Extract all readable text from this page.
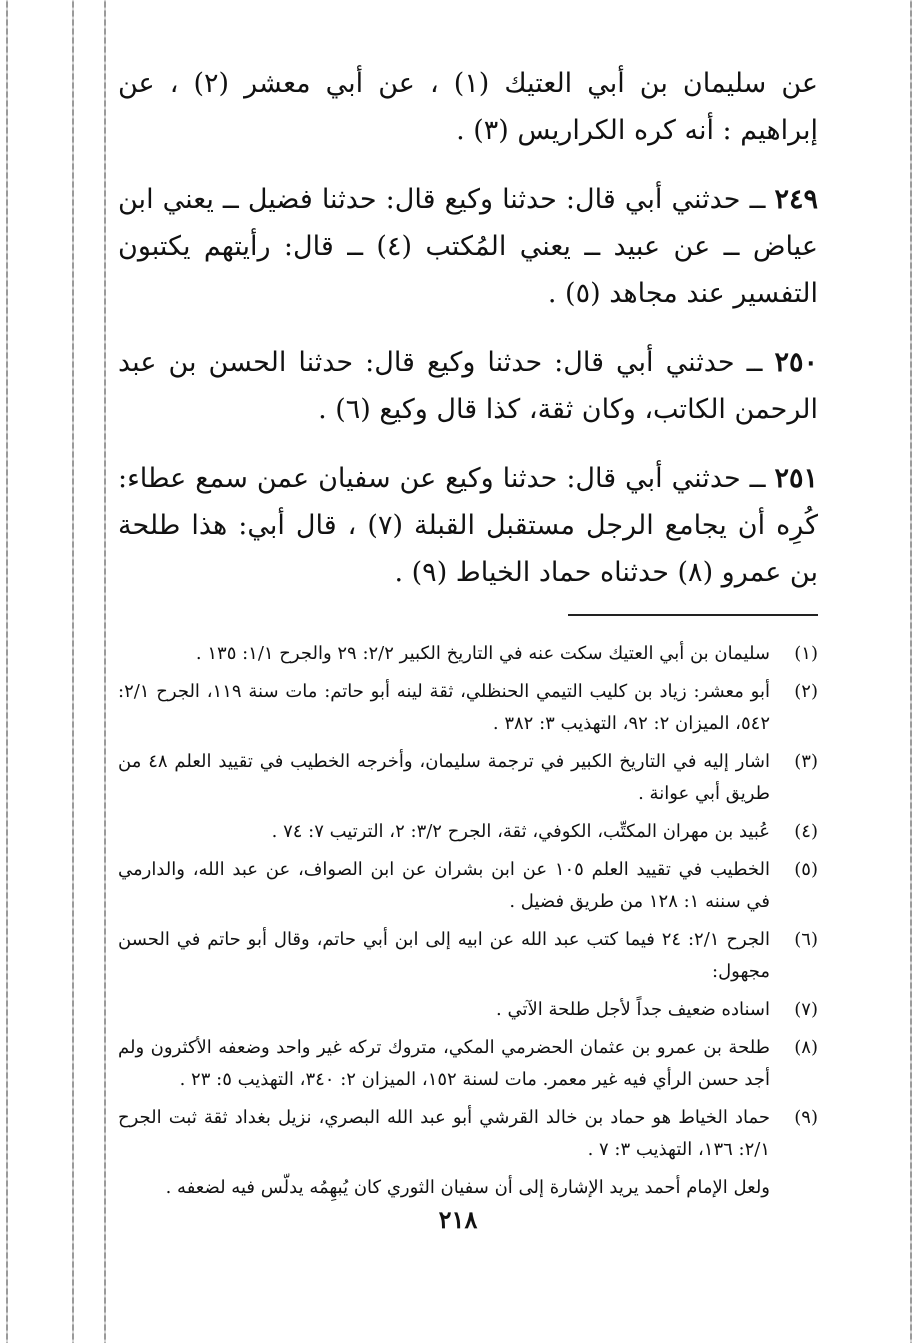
عن سليمان بن أبي العتيك (١) ، عن أبي معشر (٢) ، عن إبراهيم : أنه كره الكراريس (٣) .

٢٤٩ ــ حدثني أبي قال: حدثنا وكيع قال: حدثنا فضيل ــ يعني ابن عياض ــ عن عبيد ــ يعني المُكتب (٤) ــ قال: رأيتهم يكتبون التفسير عند مجاهد (٥) .

٢٥٠ ــ حدثني أبي قال: حدثنا وكيع قال: حدثنا الحسن بن عبد الرحمن الكاتب، وكان ثقة، كذا قال وكيع (٦) .

٢٥١ ــ حدثني أبي قال: حدثنا وكيع عن سفيان عمن سمع عطاء: كُرِه أن يجامع الرجل مستقبل القبلة (٧) ، قال أبي: هذا طلحة بن عمرو (٨) حدثناه حماد الخياط (٩) .

(١)
سليمان بن أبي العتيك سكت عنه في التاريخ الكبير ٢/٢: ٢٩ والجرح ١/١: ١٣٥ .
(٢)
أبو معشر: زياد بن كليب التيمي الحنظلي، ثقة لينه أبو حاتم: مات سنة ١١٩، الجرح ٢/١: ٥٤٢، الميزان ٢: ٩٢، التهذيب ٣: ٣٨٢ .
(٣)
اشار إليه في التاريخ الكبير في ترجمة سليمان، وأخرجه الخطيب في تقييد العلم ٤٨ من طريق أبي عوانة .
(٤)
عُبيد بن مهران المكتِّب، الكوفي، ثقة، الجرح ٣/٢: ٢، الترتيب ٧: ٧٤ .
(٥)
الخطيب في تقييد العلم ١٠٥ عن ابن بشران عن ابن الصواف، عن عبد الله، والدارمي في سننه ١: ١٢٨ من طريق فضيل .
(٦)
الجرح ٢/١: ٢٤ فيما كتب عبد الله عن ابيه إلى ابن أبي حاتم، وقال أبو حاتم في الحسن مجهول:
(٧)
اسناده ضعيف جداً لأجل طلحة الآتي .
(٨)
طلحة بن عمرو بن عثمان الحضرمي المكي، متروك تركه غير واحد وضعفه الأكثرون ولم أجد حسن الرأي فيه غير معمر. مات لسنة ١٥٢، الميزان ٢: ٣٤٠، التهذيب ٥: ٢٣ .
(٩)
حماد الخياط هو حماد بن خالد القرشي أبو عبد الله البصري، نزيل بغداد ثقة ثبت الجرح ٢/١: ١٣٦، التهذيب ٣: ٧ .

ولعل الإمام أحمد يريد الإشارة إلى أن سفيان الثوري كان يُبهِمُه يدلّس فيه لضعفه .

٢١٨
